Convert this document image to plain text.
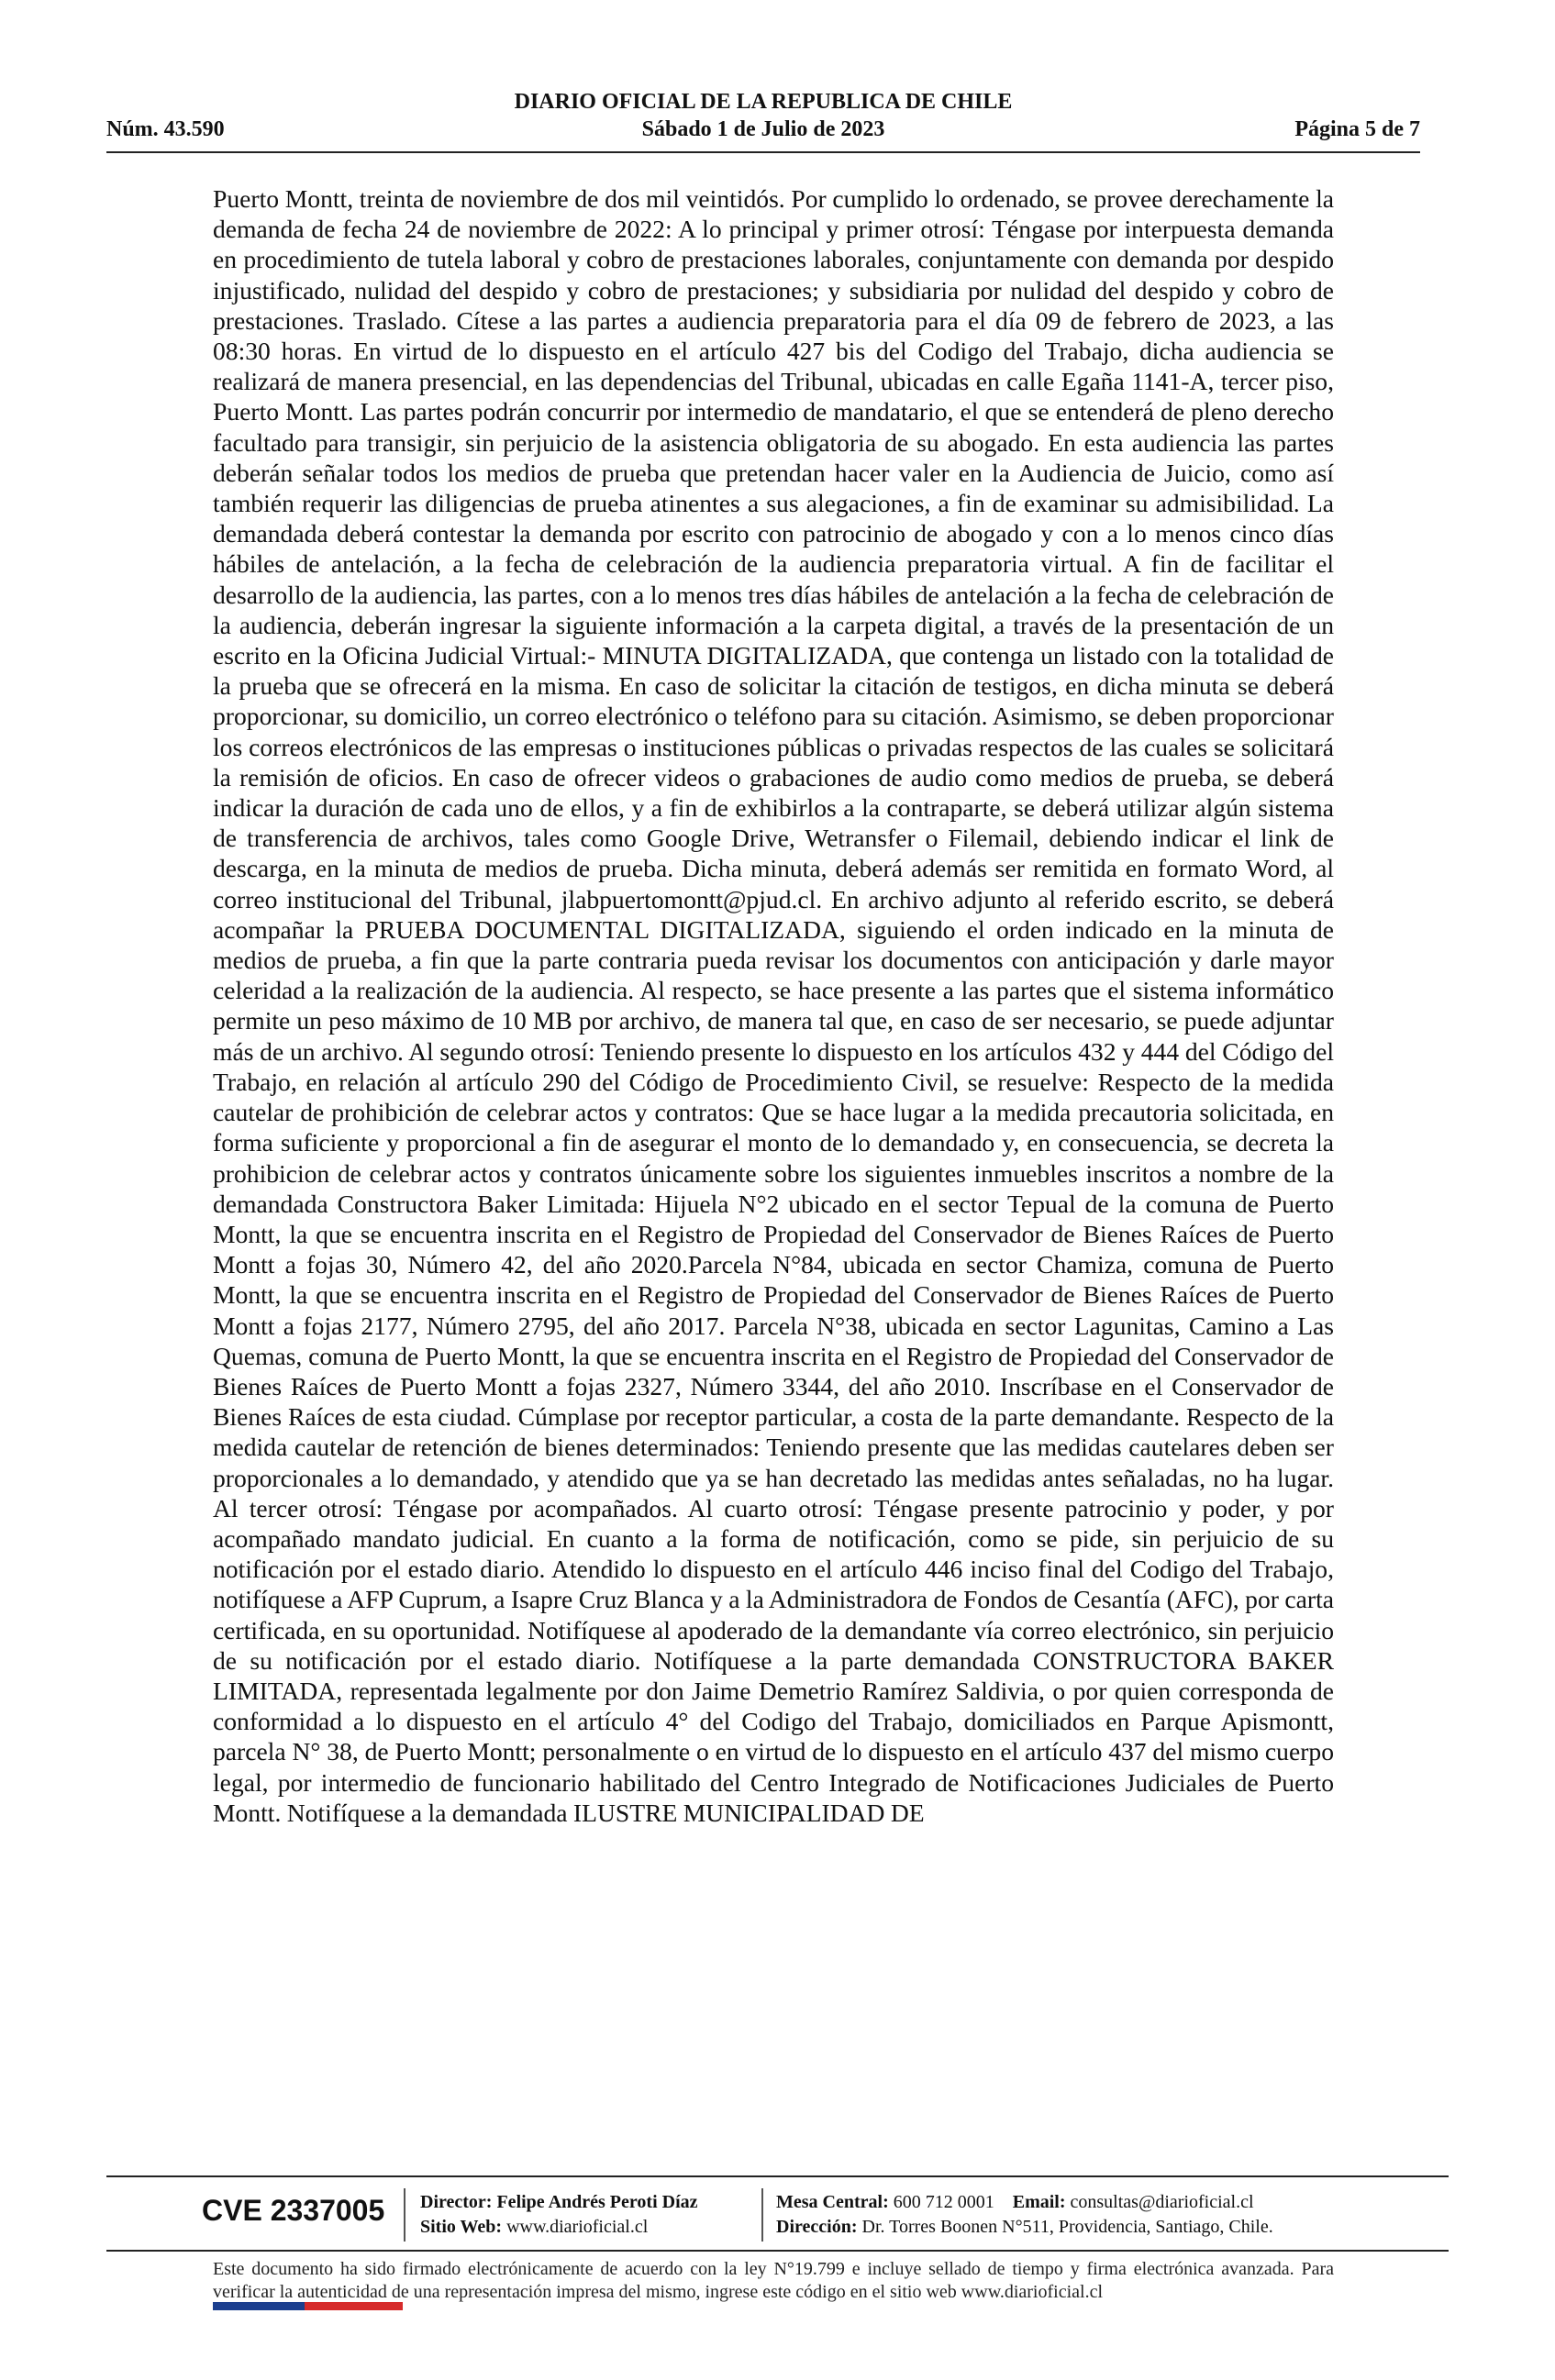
DIARIO OFICIAL DE LA REPUBLICA DE CHILE
Núm. 43.590	Sábado 1 de Julio de 2023	Página 5 de 7

Puerto Montt, treinta de noviembre de dos mil veintidós. Por cumplido lo ordenado, se provee derechamente la demanda de fecha 24 de noviembre de 2022: A lo principal y primer otrosí: Téngase por interpuesta demanda en procedimiento de tutela laboral y cobro de prestaciones laborales, conjuntamente con demanda por despido injustificado, nulidad del despido y cobro de prestaciones; y subsidiaria por nulidad del despido y cobro de prestaciones. Traslado. Cítese a las partes a audiencia preparatoria para el día 09 de febrero de 2023, a las 08:30 horas. En virtud de lo dispuesto en el artículo 427 bis del Codigo del Trabajo, dicha audiencia se realizará de manera presencial, en las dependencias del Tribunal, ubicadas en calle Egaña 1141-A, tercer piso, Puerto Montt. Las partes podrán concurrir por intermedio de mandatario, el que se entenderá de pleno derecho facultado para transigir, sin perjuicio de la asistencia obligatoria de su abogado. En esta audiencia las partes deberán señalar todos los medios de prueba que pretendan hacer valer en la Audiencia de Juicio, como así también requerir las diligencias de prueba atinentes a sus alegaciones, a fin de examinar su admisibilidad. La demandada deberá contestar la demanda por escrito con patrocinio de abogado y con a lo menos cinco días hábiles de antelación, a la fecha de celebración de la audiencia preparatoria virtual. A fin de facilitar el desarrollo de la audiencia, las partes, con a lo menos tres días hábiles de antelación a la fecha de celebración de la audiencia, deberán ingresar la siguiente información a la carpeta digital, a través de la presentación de un escrito en la Oficina Judicial Virtual:- MINUTA DIGITALIZADA, que contenga un listado con la totalidad de la prueba que se ofrecerá en la misma. En caso de solicitar la citación de testigos, en dicha minuta se deberá proporcionar, su domicilio, un correo electrónico o teléfono para su citación. Asimismo, se deben proporcionar los correos electrónicos de las empresas o instituciones públicas o privadas respectos de las cuales se solicitará la remisión de oficios. En caso de ofrecer videos o grabaciones de audio como medios de prueba, se deberá indicar la duración de cada uno de ellos, y a fin de exhibirlos a la contraparte, se deberá utilizar algún sistema de transferencia de archivos, tales como Google Drive, Wetransfer o Filemail, debiendo indicar el link de descarga, en la minuta de medios de prueba. Dicha minuta, deberá además ser remitida en formato Word, al correo institucional del Tribunal, jlabpuertomontt@pjud.cl. En archivo adjunto al referido escrito, se deberá acompañar la PRUEBA DOCUMENTAL DIGITALIZADA, siguiendo el orden indicado en la minuta de medios de prueba, a fin que la parte contraria pueda revisar los documentos con anticipación y darle mayor celeridad a la realización de la audiencia. Al respecto, se hace presente a las partes que el sistema informático permite un peso máximo de 10 MB por archivo, de manera tal que, en caso de ser necesario, se puede adjuntar más de un archivo. Al segundo otrosí: Teniendo presente lo dispuesto en los artículos 432 y 444 del Código del Trabajo, en relación al artículo 290 del Código de Procedimiento Civil, se resuelve: Respecto de la medida cautelar de prohibición de celebrar actos y contratos: Que se hace lugar a la medida precautoria solicitada, en forma suficiente y proporcional a fin de asegurar el monto de lo demandado y, en consecuencia, se decreta la prohibicion de celebrar actos y contratos únicamente sobre los siguientes inmuebles inscritos a nombre de la demandada Constructora Baker Limitada: Hijuela N°2 ubicado en el sector Tepual de la comuna de Puerto Montt, la que se encuentra inscrita en el Registro de Propiedad del Conservador de Bienes Raíces de Puerto Montt a fojas 30, Número 42, del año 2020.Parcela N°84, ubicada en sector Chamiza, comuna de Puerto Montt, la que se encuentra inscrita en el Registro de Propiedad del Conservador de Bienes Raíces de Puerto Montt a fojas 2177, Número 2795, del año 2017. Parcela N°38, ubicada en sector Lagunitas, Camino a Las Quemas, comuna de Puerto Montt, la que se encuentra inscrita en el Registro de Propiedad del Conservador de Bienes Raíces de Puerto Montt a fojas 2327, Número 3344, del año 2010. Inscríbase en el Conservador de Bienes Raíces de esta ciudad. Cúmplase por receptor particular, a costa de la parte demandante. Respecto de la medida cautelar de retención de bienes determinados: Teniendo presente que las medidas cautelares deben ser proporcionales a lo demandado, y atendido que ya se han decretado las medidas antes señaladas, no ha lugar. Al tercer otrosí: Téngase por acompañados. Al cuarto otrosí: Téngase presente patrocinio y poder, y por acompañado mandato judicial. En cuanto a la forma de notificación, como se pide, sin perjuicio de su notificación por el estado diario. Atendido lo dispuesto en el artículo 446 inciso final del Codigo del Trabajo, notifíquese a AFP Cuprum, a Isapre Cruz Blanca y a la Administradora de Fondos de Cesantía (AFC), por carta certificada, en su oportunidad. Notifíquese al apoderado de la demandante vía correo electrónico, sin perjuicio de su notificación por el estado diario. Notifíquese a la parte demandada CONSTRUCTORA BAKER LIMITADA, representada legalmente por don Jaime Demetrio Ramírez Saldivia, o por quien corresponda de conformidad a lo dispuesto en el artículo 4° del Codigo del Trabajo, domiciliados en Parque Apismontt, parcela N° 38, de Puerto Montt; personalmente o en virtud de lo dispuesto en el artículo 437 del mismo cuerpo legal, por intermedio de funcionario habilitado del Centro Integrado de Notificaciones Judiciales de Puerto Montt. Notifíquese a la demandada ILUSTRE MUNICIPALIDAD DE

CVE 2337005 Director: Felipe Andrés Peroti Díaz
Sitio Web: www.diarioficial.cl
Mesa Central: 600 712 0001 Email: consultas@diarioficial.cl
Dirección: Dr. Torres Boonen N°511, Providencia, Santiago, Chile.
Este documento ha sido firmado electrónicamente de acuerdo con la ley N°19.799 e incluye sellado de tiempo y firma electrónica avanzada. Para verificar la autenticidad de una representación impresa del mismo, ingrese este código en el sitio web www.diarioficial.cl
